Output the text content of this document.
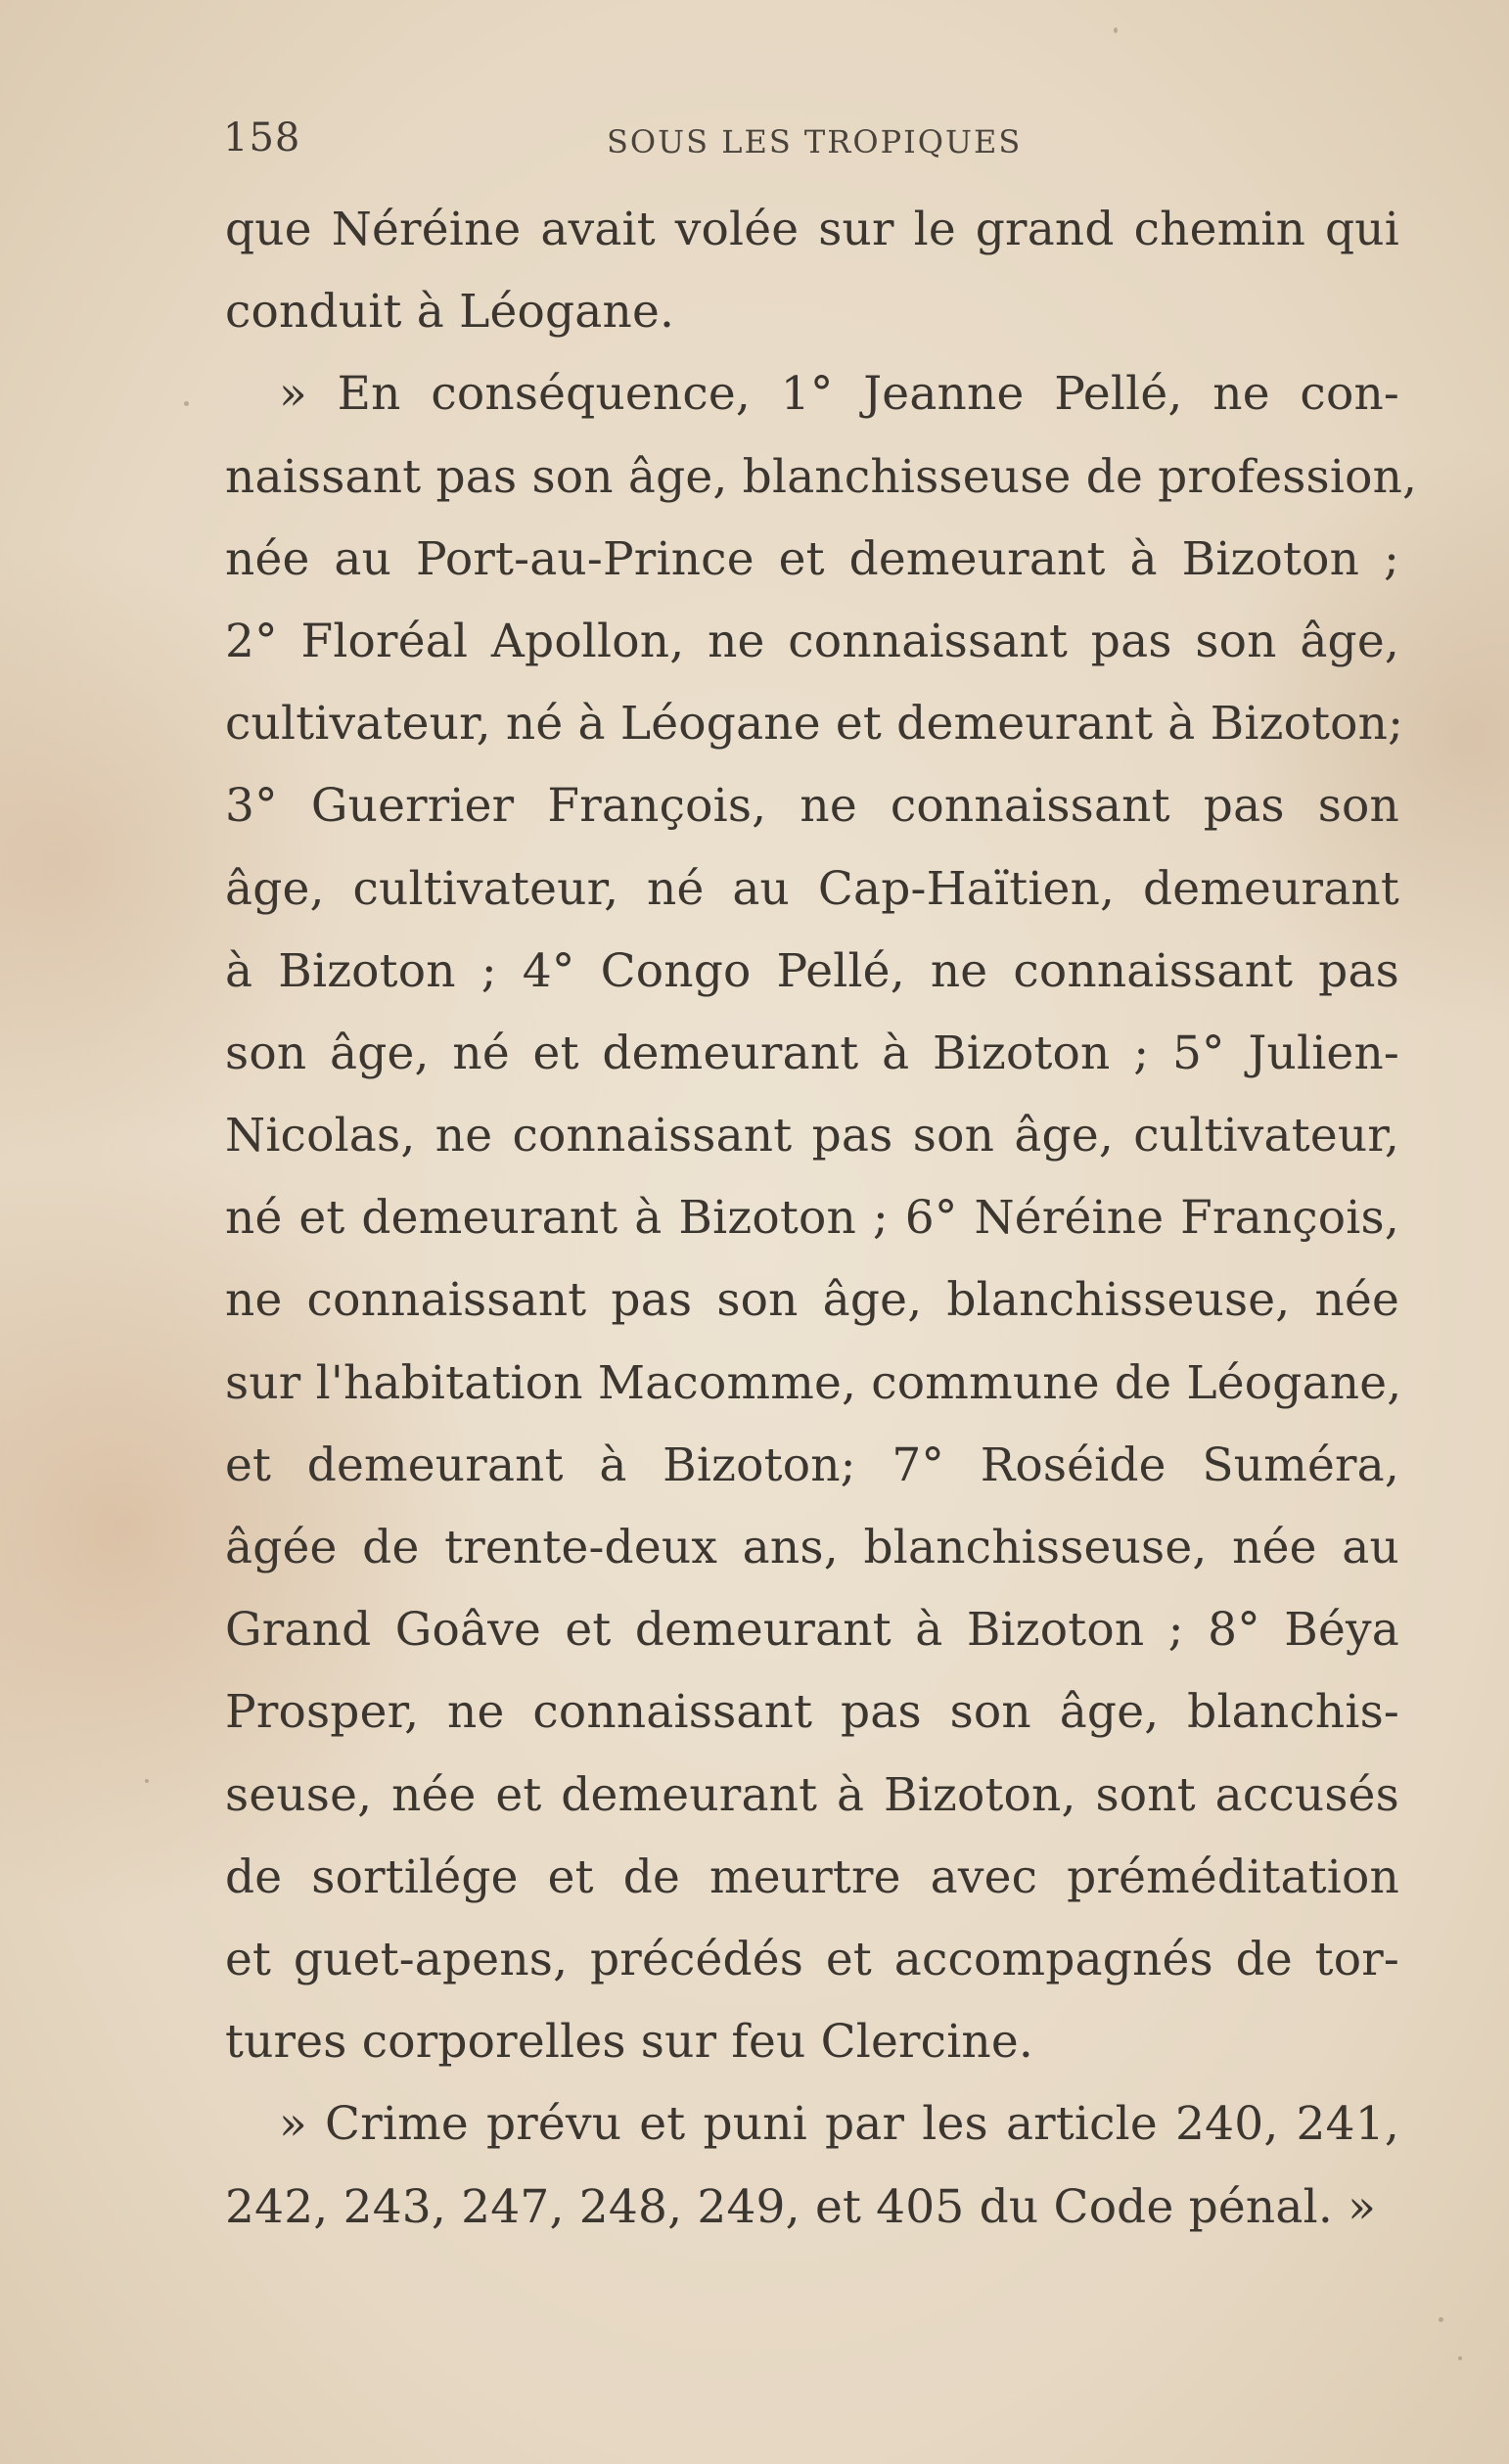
158	SOUS LES TROPIQUES
que Néréine avait volée sur le grand chemin qui
conduit à Léogane.
» En conséquence, 1° Jeanne Pellé, ne con-
naissant pas son âge, blanchisseuse de profession,
née au Port-au-Prince et demeurant à Bizoton ;
2° Floréal Apollon, ne connaissant pas son âge,
cultivateur, né à Léogane et demeurant à Bizoton;
3° Guerrier François, ne connaissant pas son
âge, cultivateur, né au Cap-Haïtien, demeurant
à Bizoton ; 4° Congo Pellé, ne connaissant pas
son âge, né et demeurant à Bizoton ; 5° Julien-
Nicolas, ne connaissant pas son âge, cultivateur,
né et demeurant à Bizoton ; 6° Néréine François,
ne connaissant pas son âge, blanchisseuse, née
sur l'habitation Macomme, commune de Léogane,
et demeurant à Bizoton; 7° Roséide Suméra,
âgée de trente-deux ans, blanchisseuse, née au
Grand Goâve et demeurant à Bizoton ; 8° Béya
Prosper, ne connaissant pas son âge, blanchis-
seuse, née et demeurant à Bizoton, sont accusés
de sortilége et de meurtre avec préméditation
et guet-apens, précédés et accompagnés de tor-
tures corporelles sur feu Clercine.
» Crime prévu et puni par les article 240, 241,
242, 243, 247, 248, 249, et 405 du Code pénal. »
